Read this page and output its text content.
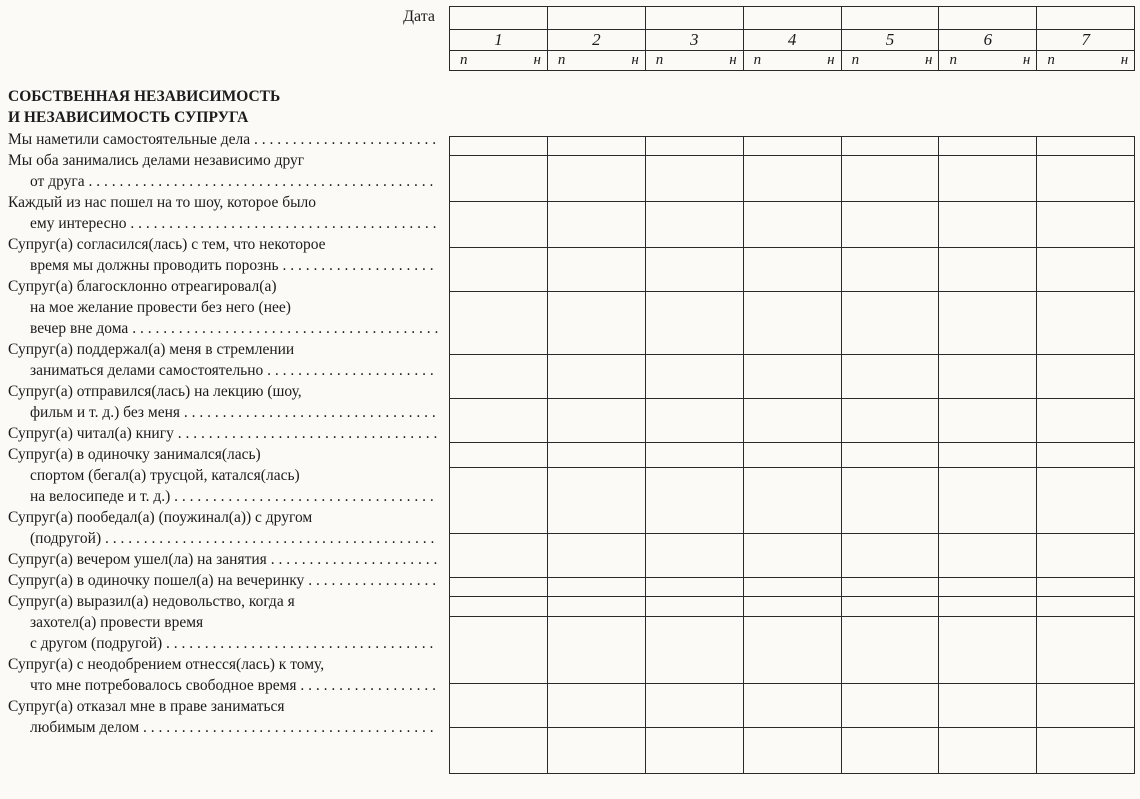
Дата
СОБСТВЕННАЯ НЕЗАВИСИМОСТЬ
И НЕЗАВИСИМОСТЬ СУПРУГА
Мы наметили самостоятельные дела . . .
Мы оба занимались делами независимо друг
от друга . . .
Каждый из нас пошел на то шоу, которое было
ему интересно . . .
Супруг(а) согласился(лась) с тем, что некоторое
время мы должны проводить порознь . . .
Супруг(а) благосклонно отреагировал(а)
на мое желание провести без него (нее)
вечер вне дома . . .
Супруг(а) поддержал(а) меня в стремлении
заниматься делами самостоятельно . . .
Супруг(а) отправился(лась) на лекцию (шоу,
фильм и т. д.) без меня . . .
Супруг(а) читал(а) книгу . . .
Супруг(а) в одиночку занимался(лась)
спортом (бегал(а) трусцой, катался(лась)
на велосипеде и т. д.) . . .
Супруг(а) пообедал(а) (поужинал(а)) с другом
(подругой) . . .
Супруг(а) вечером ушел(ла) на занятия . . .
Супруг(а) в одиночку пошел(а) на вечеринку . . .
Супруг(а) выразил(а) недовольство, когда я
захотел(а) провести время
с другом (подругой) . . .
Супруг(а) с неодобрением отнесся(лась) к тому,
что мне потребовалось свободное время . . .
Супруг(а) отказал мне в праве заниматься
любимым делом . . .

1	2	3	4	5	6	7

п н	п н	п н	п н	п н	п н	п н
